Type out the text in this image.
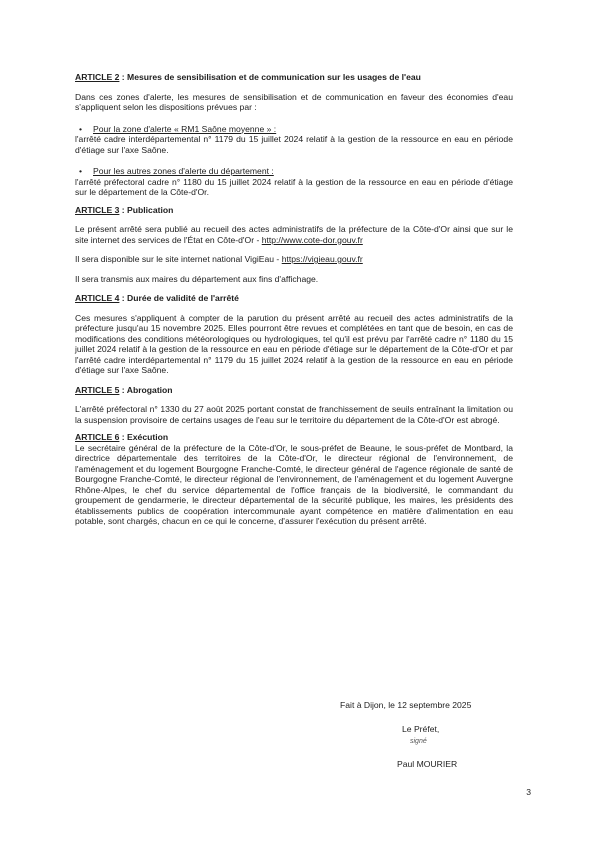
ARTICLE 2 : Mesures de sensibilisation et de communication sur les usages de l'eau

Dans ces zones d'alerte, les mesures de sensibilisation et de communication en faveur des économies d'eau s'appliquent selon les dispositions prévues par :

• Pour la zone d'alerte « RM1 Saône moyenne » :

l'arrêté cadre interdépartemental n° 1179 du 15 juillet 2024 relatif à la gestion de la ressource en eau en période d'étiage sur l'axe Saône.

• Pour les autres zones d'alerte du département :

l'arrêté préfectoral cadre n° 1180 du 15 juillet 2024 relatif à la gestion de la ressource en eau en période d'étiage sur le département de la Côte-d'Or.

ARTICLE 3 : Publication

Le présent arrêté sera publié au recueil des actes administratifs de la préfecture de la Côte-d'Or ainsi que sur le site internet des services de l'État en Côte-d'Or - http://www.cote-dor.gouv.fr

Il sera disponible sur le site internet national VigiEau - https://vigieau.gouv.fr

Il sera transmis aux maires du département aux fins d'affichage.

ARTICLE 4 : Durée de validité de l'arrêté

Ces mesures s'appliquent à compter de la parution du présent arrêté au recueil des actes administratifs de la préfecture jusqu'au 15 novembre 2025. Elles pourront être revues et complétées en tant que de besoin, en cas de modifications des conditions météorologiques ou hydrologiques, tel qu'il est prévu par l'arrêté cadre n° 1180 du 15 juillet 2024 relatif à la gestion de la ressource en eau en période d'étiage sur le département de la Côte-d'Or et par l'arrêté cadre interdépartemental n° 1179 du 15 juillet 2024 relatif à la gestion de la ressource en eau en période d'étiage sur l'axe Saône.

ARTICLE 5 : Abrogation

L'arrêté préfectoral n° 1330 du 27 août 2025 portant constat de franchissement de seuils entraînant la limitation ou la suspension provisoire de certains usages de l'eau sur le territoire du département de la Côte-d'Or est abrogé.

ARTICLE 6 : Exécution

Le secrétaire général de la préfecture de la Côte-d'Or, le sous-préfet de Beaune, le sous-préfet de Montbard, la directrice départementale des territoires de la Côte-d'Or, le directeur régional de l'environnement, de l'aménagement et du logement Bourgogne Franche-Comté, le directeur général de l'agence régionale de santé de Bourgogne Franche-Comté, le directeur régional de l'environnement, de l'aménagement et du logement Auvergne Rhône-Alpes, le chef du service départemental de l'office français de la biodiversité, le commandant du groupement de gendarmerie, le directeur départemental de la sécurité publique, les maires, les présidents des établissements publics de coopération intercommunale ayant compétence en matière d'alimentation en eau potable, sont chargés, chacun en ce qui le concerne, d'assurer l'exécution du présent arrêté.

Fait à Dijon, le 12 septembre 2025
Le Préfet,
signé
Paul MOURIER
3
